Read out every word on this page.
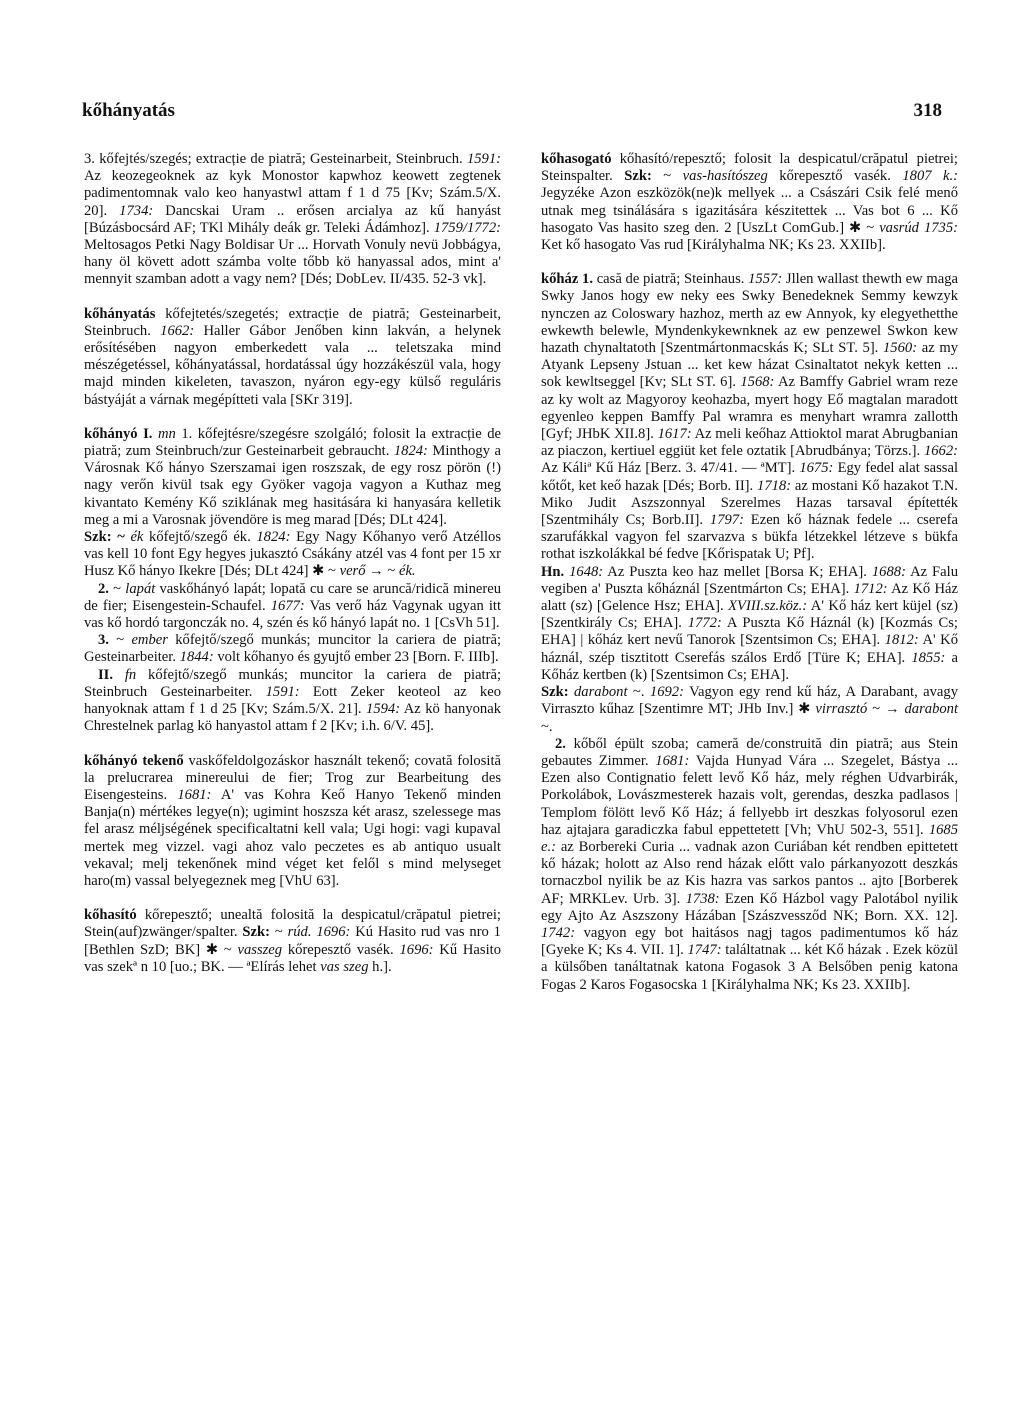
kőhányatás	318

3. kőfejtés/szegés; extracție de piatră; Gesteinarbeit, Steinbruch. 1591: Az keozegeoknek az kyk Monostor kapwhoz keowett zegtenek padimentomnak valo keo hanyastwl attam f 1 d 75 [Kv; Szám.5/X. 20]. 1734: Dancskai Uram .. erősen arcialya az kű hanyást [Búzásbocsárd AF; TKl Mihály deák gr. Teleki Ádámhoz]. 1759/1772: Meltosagos Petki Nagy Boldisar Ur ... Horvath Vonuly nevü Jobbágya, hany öl követt adott számba volte tőbb kö hanyassal ados, mint a' mennyit szamban adott a vagy nem? [Dés; DobLev. II/435. 52-3 vk].

kőhányatás kőfejtetés/szegetés; extracție de piatră; Gesteinarbeit, Steinbruch. 1662: Haller Gábor Jenőben kinn lakván, a helynek erősítésében nagyon emberkedett vala ... teletszaka mind mészégetéssel, kőhányatással, hordatással úgy hozzákészül vala, hogy majd minden kikeleten, tavaszon, nyáron egy-egy külső reguláris bástyáját a várnak megépítteti vala [SKr 319].

kőhányó I. mn 1. kőfejtésre/szegésre szolgáló; folosit la extracție de piatră; zum Steinbruch/zur Gesteinarbeit gebraucht. 1824: Minthogy a Városnak Kő hányo Szerszamai igen roszszak, de egy rosz pörön (!) nagy verőn kivül tsak egy Gyöker vagoja vagyon a Kuthaz meg kivantato Kemény Kő sziklának meg hasitására ki hanyasára kelletik meg a mi a Varosnak jövendöre is meg marad [Dés; DLt 424].

Szk: ~ ék kőfejtő/szegő ék. 1824: Egy Nagy Kőhanyo verő Atzéllos vas kell 10 font Egy hegyes jukasztó Csákány atzél vas 4 font per 15 xr Husz Kő hányo Ikekre [Dés; DLt 424] ✱ ~ verő → ~ ék.

2. ~ lapát vaskőhányó lapát; lopată cu care se aruncă/ridică minereu de fier; Eisengestein-Schaufel. 1677: Vas verő ház Vagynak ugyan itt vas kő hordó targonczák no. 4, szén és kő hányó lapát no. 1 [CsVh 51].

3. ~ ember kőfejtő/szegő munkás; muncitor la cariera de piatră; Gesteinarbeiter. 1844: volt kőhanyo és gyujtő ember 23 [Born. F. IIIb].

II. fn kőfejtő/szegő munkás; muncitor la cariera de piatră; Steinbruch Gesteinarbeiter. 1591: Eott Zeker keoteol az keo hanyoknak attam f 1 d 25 [Kv; Szám.5/X. 21]. 1594: Az kö hanyonak Chrestelnek parlag kö hanyastol attam f 2 [Kv; i.h. 6/V. 45].

kőhányó tekenő vaskőfeldolgozáskor használt tekenő; covată folosită la prelucrarea minereului de fier; Trog zur Bearbeitung des Eisengesteins. 1681: A' vas Kohra Keő Hanyo Tekenő minden Banja(n) mértékes legye(n); ugimint hoszsza két arasz, szelessege mas fel arasz méljségének specificaltatni kell vala; Ugi hogi: vagi kupaval mertek meg vizzel. vagi ahoz valo peczetes es ab antiquo usualt vekaval; melj tekenőnek mind véget ket felől s mind melyseget haro(m) vassal belyegeznek meg [VhU 63].

kőhasító kőrepesztő; unealtă folosită la despicatul/crăpatul pietrei; Stein(auf)zwänger/spalter. Szk: ~ rúd. 1696: Kú Hasito rud vas nro 1 [Bethlen SzD; BK] ✱ ~ vasszeg kőrepesztő vasék. 1696: Kű Hasito vas szekª n 10 [uo.; BK. — ªElírás lehet vas szeg h.].

kőhasogató kőhasító/repesztő; folosit la despicatul/crăpatul pietrei; Steinspalter. Szk: ~ vas-hasítószeg kőrepesztő vasék. 1807 k.: Jegyzéke Azon eszközök(ne)k mellyek ... a Császári Csik felé menő utnak meg tsinálására s igazitására készitettek ... Vas bot 6 ... Kő hasogato Vas hasito szeg den. 2 [UszLt ComGub.] ✱ ~ vasrúd 1735: Ket kő hasogato Vas rud [Királyhalma NK; Ks 23. XXIIb].

kőház 1. casă de piatră; Steinhaus. 1557: Jllen wallast thewth ew maga Swky Janos hogy ew neky ees Swky Benedeknek Semmy kewzyk nynczen az Coloswary hazhoz, merth az ew Annyok, ky elegyethetthe ewkewth belewle, Myndenkykewnknek az ew penzewel Swkon kew hazath chynaltatoth [Szentmártonmacskás K; SLt ST. 5]. 1560: az my Atyank Lepseny Jstuan ... ket kew házat Csinaltatot nekyk ketten ... sok kewltseggel [Kv; SLt ST. 6]. 1568: Az Bamffy Gabriel wram reze az ky wolt az Magyoroy keohazba, myert hogy Eő magtalan maradott egyenleo keppen Bamffy Pal wramra es menyhart wramra zallotth [Gyf; JHbK XII.8]. 1617: Az meli keőhaz Attioktol marat Abrugbanian az piaczon, kertiuel eggiüt ket fele oztatik [Abrudbánya; Törzs.]. 1662: Az Káliª Kű Ház [Berz. 3. 47/41. — ªMT]. 1675: Egy fedel alat sassal kőtőt, ket keő hazak [Dés; Borb. II]. 1718: az mostani Kő hazakot T.N. Miko Judit Aszszonnyal Szerelmes Hazas tarsaval építették [Szentmihály Cs; Borb.II]. 1797: Ezen kő háznak fedele ... cserefa szarufákkal vagyon fel szarvazva s bükfa létzekkel létzeve s bükfa rothat iszkolákkal bé fedve [Kőrispatak U; Pf].

Hn. 1648: Az Puszta keo haz mellet [Borsa K; EHA]. 1688: Az Falu vegiben a' Puszta kőháznál [Szentmárton Cs; EHA]. 1712: Az Kő Ház alatt (sz) [Gelence Hsz; EHA]. XVIII.sz.köz.: A' Kő ház kert küjel (sz) [Szentkirály Cs; EHA]. 1772: A Puszta Kő Háznál (k) [Kozmás Cs; EHA] | kőház kert nevű Tanorok [Szentsimon Cs; EHA]. 1812: A' Kő háznál, szép tisztitott Cserefás szálos Erdő [Türe K; EHA]. 1855: a Kőház kertben (k) [Szentsimon Cs; EHA].

Szk: darabont ~. 1692: Vagyon egy rend kű ház, A Darabant, avagy Virraszto kűhaz [Szentimre MT; JHb Inv.] ✱ virrasztó ~ → darabont ~.

2. kőből épült szoba; cameră de/construită din piatră; aus Stein gebautes Zimmer. 1681: Vajda Hunyad Vára ... Szegelet, Bástya ... Ezen also Contignatio felett levő Kő ház, mely réghen Udvarbirák, Porkolábok, Lovászmesterek hazais volt, gerendas, deszka padlasos | Templom fölött levő Kő Ház; á fellyebb irt deszkas folyosorul ezen haz ajtajara garadiczka fabul eppettetett [Vh; VhU 502-3, 551]. 1685 e.: az Borbereki Curia ... vadnak azon Curiában két rendben epittetett kő házak; holott az Also rend házak előtt valo párkanyozott deszkás tornaczbol nyilik be az Kis hazra vas sarkos pantos .. ajto [Borberek AF; MRKLev. Urb. 3]. 1738: Ezen Kő Házbol vagy Palotábol nyilik egy Ajto Az Aszszony Házában [Szászvessződ NK; Born. XX. 12]. 1742: vagyon egy bot haitásos nagj tagos padimentumos kő ház [Gyeke K; Ks 4. VII. 1]. 1747: találtatnak ... két Kő házak . Ezek közül a külsőben tanáltatnak katona Fogasok 3 A Belsőben penig katona Fogas 2 Karos Fogasocska 1 [Királyhalma NK; Ks 23. XXIIb].
